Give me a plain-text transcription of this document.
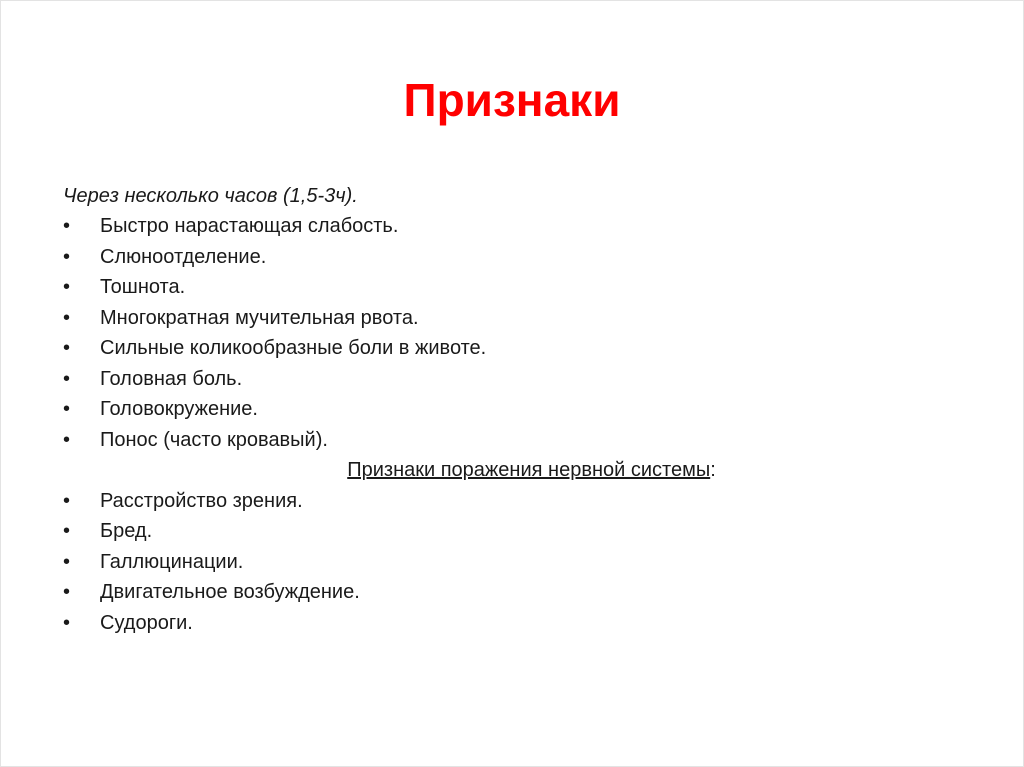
Признаки
Через несколько часов (1,5-3ч).
• Быстро нарастающая слабость.
• Слюноотделение.
• Тошнота.
• Многократная мучительная рвота.
• Сильные коликообразные боли в животе.
• Головная боль.
• Головокружение.
• Понос (часто кровавый).
Признаки поражения нервной системы:
• Расстройство зрения.
• Бред.
• Галлюцинации.
• Двигательное возбуждение.
• Судороги.
